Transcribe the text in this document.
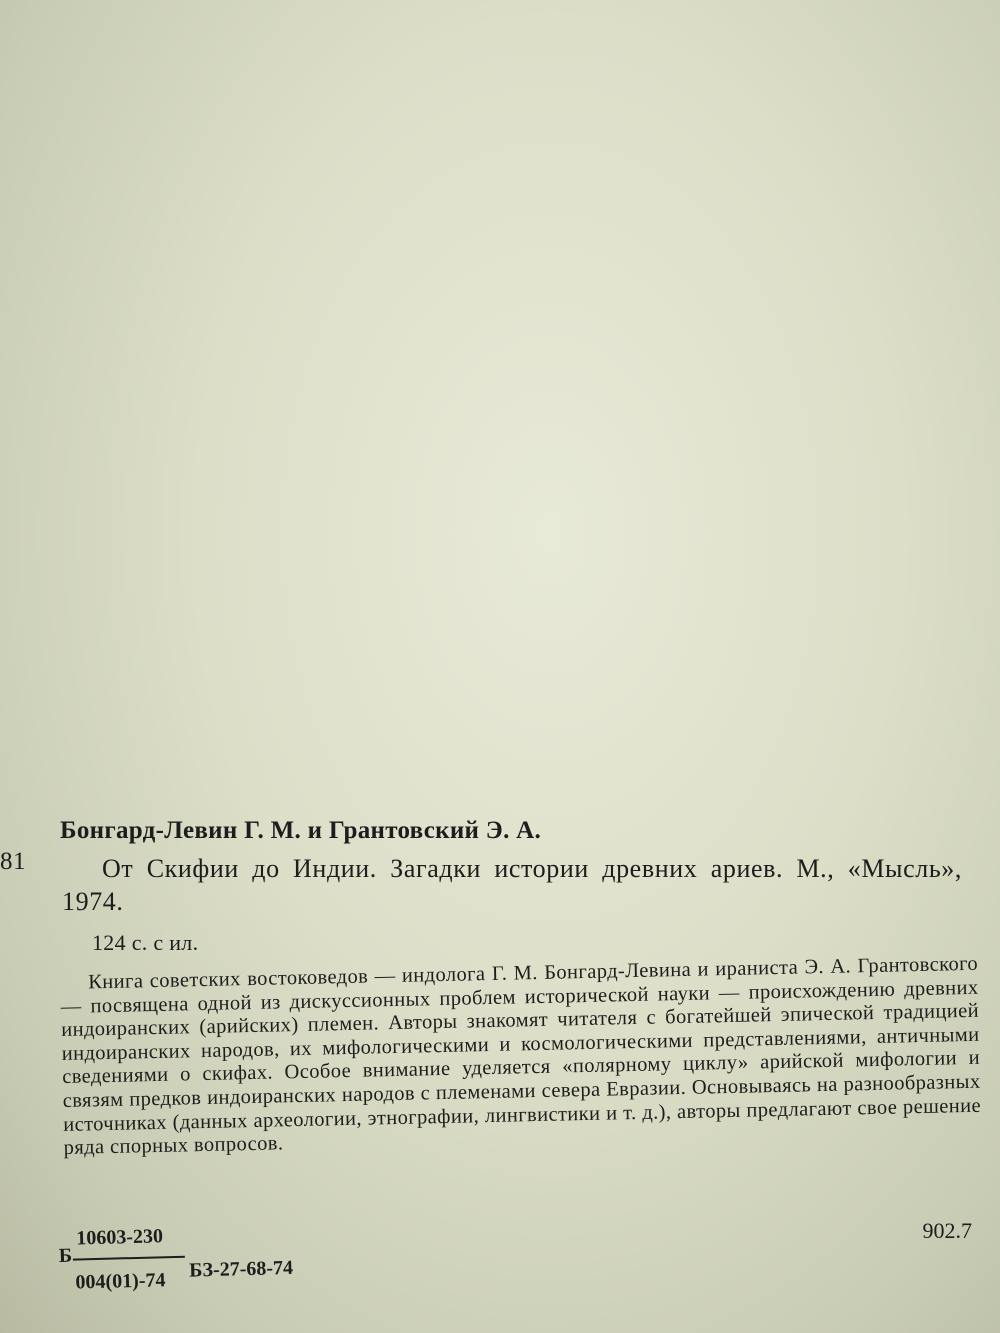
81
Бонгард-Левин Г. М. и Грантовский Э. А.
От Скифии до Индии. Загадки истории древних ариев. М., «Мысль», 1974.
124 с. с ил.
Книга советских востоковедов — индолога Г. М. Бонгард-Левина и ираниста Э. А. Грантовского — посвящена одной из дискуссионных проблем исторической науки — происхождению древних индоиранских (арийских) племен. Авторы знакомят читателя с богатейшей эпической традицией индоиранских народов, их мифологическими и космологическими представлениями, античными сведениями о скифах. Особое внимание уделяется «полярному циклу» арийской мифологии и связям предков индоиранских народов с племенами севера Евразии. Основываясь на разнообразных источниках (данных археологии, этнографии, лингвистики и т. д.), авторы предлагают свое решение ряда спорных вопросов.
902.7
Б
10603-230
004(01)-74 БЗ-27-68-74
